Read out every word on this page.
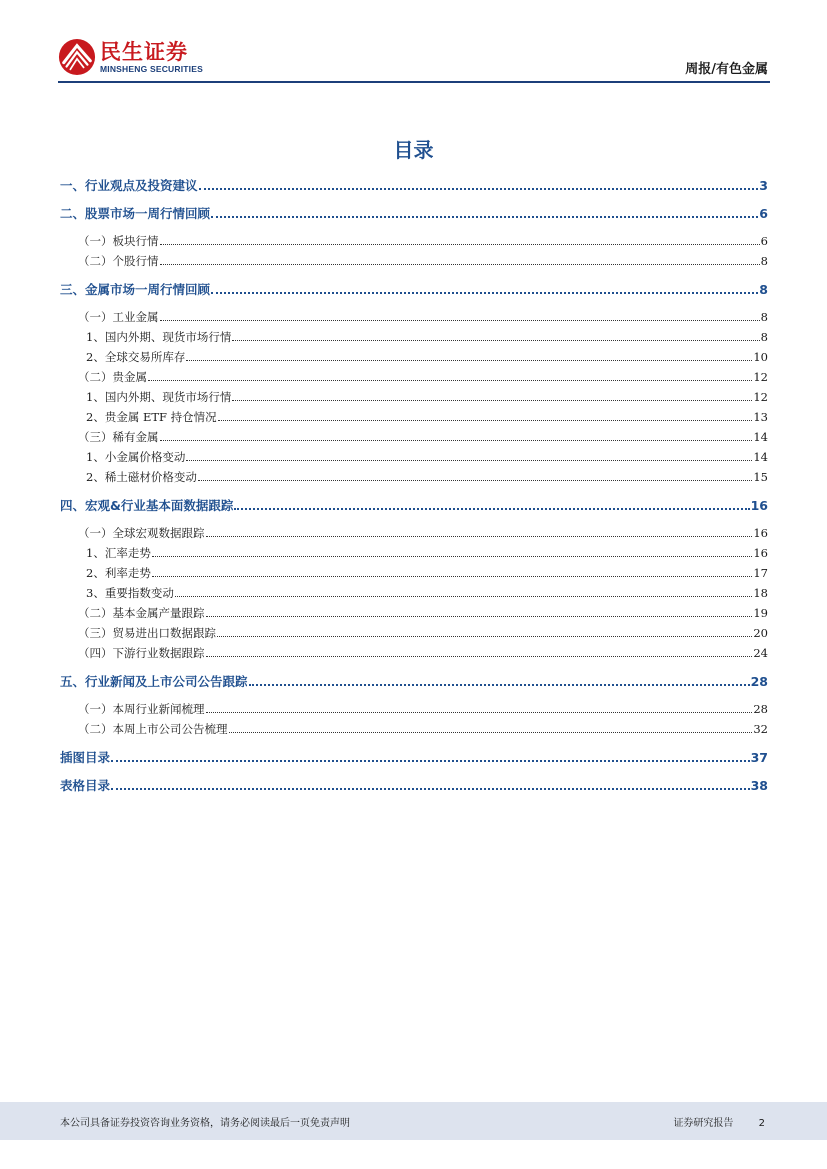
民生证券
MINSHENG SECURITIES	周报/有色金属
目录
一、行业观点及投资建议	3
二、股票市场一周行情回顾	6
（一）板块行情	6
（二）个股行情	8
三、金属市场一周行情回顾	8
（一）工业金属	8
1、国内外期、现货市场行情	8
2、全球交易所库存	10
（二）贵金属	12
1、国内外期、现货市场行情	12
2、贵金属 ETF 持仓情况	13
（三）稀有金属	14
1、小金属价格变动	14
2、稀土磁材价格变动	15
四、宏观&行业基本面数据跟踪	16
（一）全球宏观数据跟踪	16
1、汇率走势	16
2、利率走势	17
3、重要指数变动	18
（二）基本金属产量跟踪	19
（三）贸易进出口数据跟踪	20
（四）下游行业数据跟踪	24
五、行业新闻及上市公司公告跟踪	28
（一）本周行业新闻梳理	28
（二）本周上市公司公告梳理	32
插图目录	37
表格目录	38
本公司具备证券投资咨询业务资格，请务必阅读最后一页免责声明	证券研究报告	2
